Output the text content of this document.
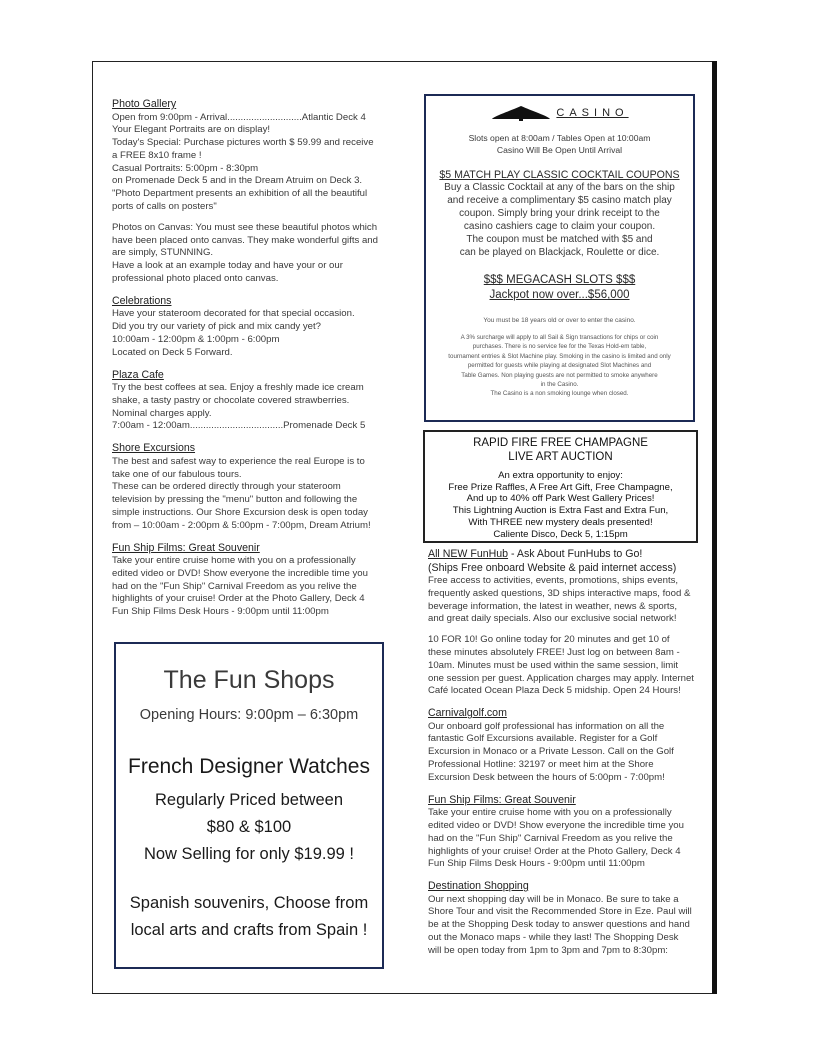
Photo Gallery

Open from 9:00pm - Arrival............................Atlantic Deck 4

Your Elegant Portraits are on display!

Today's Special: Purchase pictures worth $ 59.99 and receive

a FREE 8x10 frame !

Casual Portraits: 5:00pm - 8:30pm

on Promenade Deck 5 and in the Dream Atruim on Deck 3.

"Photo Department presents an exhibition of all the beautiful

ports of calls on posters"

Photos on Canvas: You must see these beautiful photos which

have been placed onto canvas. They make wonderful gifts and

are simply, STUNNING.

Have a look at an example today and have your or our

professional photo placed onto canvas.

Celebrations

Have your stateroom decorated for that special occasion.

Did you try our variety of pick and mix candy yet?

10:00am - 12:00pm & 1:00pm - 6:00pm

Located on Deck 5 Forward.

Plaza Cafe

Try the best coffees at sea. Enjoy a freshly made ice cream

shake, a tasty pastry or chocolate covered strawberries.

Nominal charges apply.

7:00am - 12:00am...................................Promenade Deck 5

Shore Excursions

The best and safest way to experience the real Europe is to

take one of our fabulous tours.

These can be ordered directly through your stateroom

television by pressing the "menu" button and following the

simple instructions. Our Shore Excursion desk is open today

from – 10:00am - 2:00pm & 5:00pm - 7:00pm, Dream Atrium!

Fun Ship Films: Great Souvenir

Take your entire cruise home with you on a professionally

edited video or DVD! Show everyone the incredible time you

had on the "Fun Ship" Carnival Freedom as you relive the

highlights of your cruise! Order at the Photo Gallery, Deck 4

Fun Ship Films Desk Hours - 9:00pm until 11:00pm

The Fun Shops
Opening Hours: 9:00pm – 6:30pm
French Designer Watches
Regularly Priced between
$80 & $100
Now Selling for only $19.99 !
Spanish souvenirs, Choose from
local arts and crafts from Spain !
CASINO
Slots open at 8:00am / Tables Open at 10:00am
Casino Will Be Open Until Arrival
$5 MATCH PLAY CLASSIC COCKTAIL COUPONS
Buy a Classic Cocktail at any of the bars on the ship
and receive a complimentary $5 casino match play
coupon. Simply bring your drink receipt to the
casino cashiers cage to claim your coupon.
The coupon must be matched with $5 and
can be played on Blackjack, Roulette or dice.
$$$ MEGACASH SLOTS $$$
Jackpot now over...$56,000
You must be 18 years old or over to enter the casino.
A 3% surcharge will apply to all Sail & Sign transactions for chips or coin
purchases. There is no service fee for the Texas Hold-em table,
tournament entries & Slot Machine play. Smoking in the casino is limited and only
permitted for guests while playing at designated Slot Machines and
Table Games. Non playing guests are not permitted to smoke anywhere
in the Casino.
The Casino is a non smoking lounge when closed.
RAPID FIRE FREE CHAMPAGNE
LIVE ART AUCTION
An extra opportunity to enjoy:
Free Prize Raffles, A Free Art Gift, Free Champagne,
And up to 40% off Park West Gallery Prices!
This Lightning Auction is Extra Fast and Extra Fun,
With THREE new mystery deals presented!
Caliente Disco, Deck 5, 1:15pm
All NEW FunHub - Ask About FunHubs to Go!
(Ships Free onboard Website & paid internet access)

Free access to activities, events, promotions, ships events,

frequently asked questions, 3D ships interactive maps, food &

beverage information, the latest in weather, news & sports,

and great daily specials. Also our exclusive social network!

10 FOR 10! Go online today for 20 minutes and get 10 of

these minutes absolutely FREE! Just log on between 8am -

10am. Minutes must be used within the same session, limit

one session per guest. Application charges may apply. Internet

Café located Ocean Plaza Deck 5 midship. Open 24 Hours!

Carnivalgolf.com

Our onboard golf professional has information on all the

fantastic Golf Excursions available. Register for a Golf

Excursion in Monaco or a Private Lesson. Call on the Golf

Professional Hotline: 32197 or meet him at the Shore

Excursion Desk between the hours of 5:00pm - 7:00pm!

Fun Ship Films: Great Souvenir

Take your entire cruise home with you on a professionally

edited video or DVD! Show everyone the incredible time you

had on the "Fun Ship" Carnival Freedom as you relive the

highlights of your cruise! Order at the Photo Gallery, Deck 4

Fun Ship Films Desk Hours - 9:00pm until 11:00pm

Destination Shopping

Our next shopping day will be in Monaco. Be sure to take a

Shore Tour and visit the Recommended Store in Eze. Paul will

be at the Shopping Desk today to answer questions and hand

out the Monaco maps - while they last! The Shopping Desk

will be open today from 1pm to 3pm and 7pm to 8:30pm:
